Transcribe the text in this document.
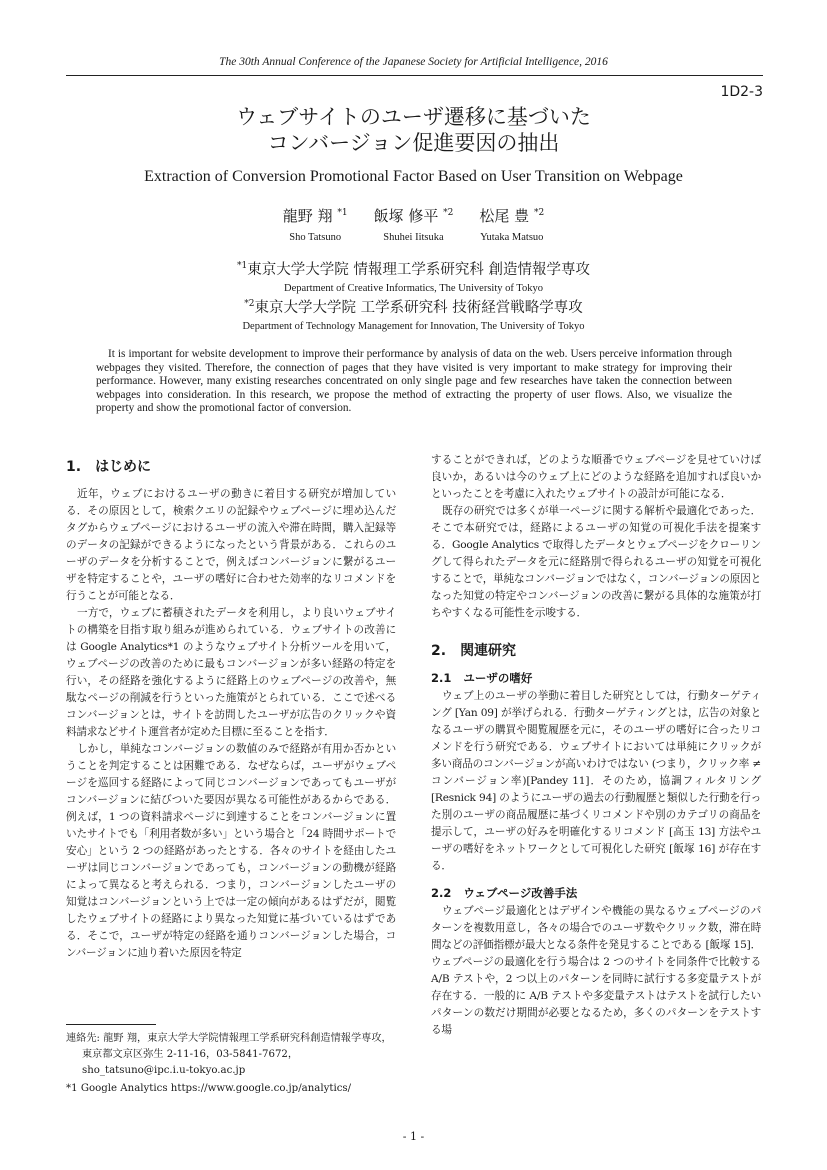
The 30th Annual Conference of the Japanese Society for Artificial Intelligence, 2016
1D2-3
ウェブサイトのユーザ遷移に基づいた
コンバージョン促進要因の抽出
Extraction of Conversion Promotional Factor Based on User Transition on Webpage
龍野 翔 $^{*1}$
Sho Tatsuno
飯塚 修平 $^{*2}$
Shuhei Iitsuka
松尾 豊 $^{*2}$
Yutaka Matsuo
$^{*1}$東京大学大学院 情報理工学系研究科 創造情報学専攻
Department of Creative Informatics, The University of Tokyo
$^{*2}$東京大学大学院 工学系研究科 技術経営戦略学専攻
Department of Technology Management for Innovation, The University of Tokyo
It is important for website development to improve their performance by analysis of data on the web. Users perceive information through webpages they visited. Therefore, the connection of pages that they have visited is very important to make strategy for improving their performance. However, many existing researches concentrated on only single page and few researches have taken the connection between webpages into consideration. In this research, we propose the method of extracting the property of user flows. Also, we visualize the property and show the promotional factor of conversion.
1. はじめに

近年，ウェブにおけるユーザの動きに着目する研究が増加している．その原因として，検索クエリの記録やウェブページに埋め込んだタグからウェブページにおけるユーザの流入や滞在時間，購入記録等のデータの記録ができるようになったという背景がある．これらのユーザのデータを分析することで，例えばコンバージョンに繋がるユーザを特定することや，ユーザの嗜好に合わせた効率的なリコメンドを行うことが可能となる．

一方で，ウェブに蓄積されたデータを利用し，より良いウェブサイトの構築を目指す取り組みが進められている．ウェブサイトの改善には Google Analytics*1 のようなウェブサイト分析ツールを用いて，ウェブページの改善のために最もコンバージョンが多い経路の特定を行い，その経路を強化するように経路上のウェブページの改善や，無駄なページの削減を行うといった施策がとられている．ここで述べるコンバージョンとは，サイトを訪問したユーザが広告のクリックや資料請求などサイト運営者が定めた目標に至ることを指す．

しかし，単純なコンバージョンの数値のみで経路が有用か否かということを判定することは困難である．なぜならば，ユーザがウェブページを巡回する経路によって同じコンバージョンであってもユーザがコンバージョンに結びついた要因が異なる可能性があるからである．例えば，1 つの資料請求ページに到達することをコンバージョンに置いたサイトでも「利用者数が多い」という場合と「24 時間サポートで安心」という 2 つの経路があったとする．各々のサイトを経由したユーザは同じコンバージョンであっても，コンバージョンの動機が経路によって異なると考えられる．つまり，コンバージョンしたユーザの知覚はコンバージョンという上では一定の傾向があるはずだが，閲覧したウェブサイトの経路により異なった知覚に基づいているはずである．そこで，ユーザが特定の経路を通りコンバージョンした場合，コンバージョンに辿り着いた原因を特定

することができれば，どのような順番でウェブページを見せていけば良いか，あるいは今のウェブ上にどのような経路を追加すれば良いかといったことを考慮に入れたウェブサイトの設計が可能になる．

既存の研究では多くが単一ページに関する解析や最適化であった．そこで本研究では，経路によるユーザの知覚の可視化手法を提案する．Google Analytics で取得したデータとウェブページをクローリングして得られたデータを元に経路別で得られるユーザの知覚を可視化することで，単純なコンバージョンではなく，コンバージョンの原因となった知覚の特定やコンバージョンの改善に繋がる具体的な施策が打ちやすくなる可能性を示唆する．

2. 関連研究
2.1 ユーザの嗜好

ウェブ上のユーザの挙動に着目した研究としては，行動ターゲティング [Yan 09] が挙げられる．行動ターゲティングとは，広告の対象となるユーザの購買や閲覧履歴を元に，そのユーザの嗜好に合ったリコメンドを行う研究である．ウェブサイトにおいては単純にクリックが多い商品のコンバージョンが高いわけではない (つまり，クリック率 ≠ コンバージョン率)[Pandey 11]．そのため，協調フィルタリング [Resnick 94] のようにユーザの過去の行動履歴と類似した行動を行った別のユーザの商品履歴に基づくリコメンドや別のカテゴリの商品を提示して，ユーザの好みを明確化するリコメンド [高玉 13] 方法やユーザの嗜好をネットワークとして可視化した研究 [飯塚 16] が存在する．

2.2 ウェブページ改善手法

ウェブページ最適化とはデザインや機能の異なるウェブページのパターンを複数用意し，各々の場合でのユーザ数やクリック数，滞在時間などの評価指標が最大となる条件を発見することである [飯塚 15]．ウェブページの最適化を行う場合は 2 つのサイトを同条件で比較する A/B テストや，2 つ以上のパターンを同時に試行する多変量テストが存在する．一般的に A/B テストや多変量テストはテストを試行したいパターンの数だけ期間が必要となるため，多くのパターンをテストする場

連絡先: 龍野 翔，東京大学大学院情報理工学系研究科創造情報学専攻，東京都文京区弥生 2-11-16，03-5841-7672，sho_tatsuno@ipc.i.u-tokyo.ac.jp
*1 Google Analytics https://www.google.co.jp/analytics/
- 1 -
